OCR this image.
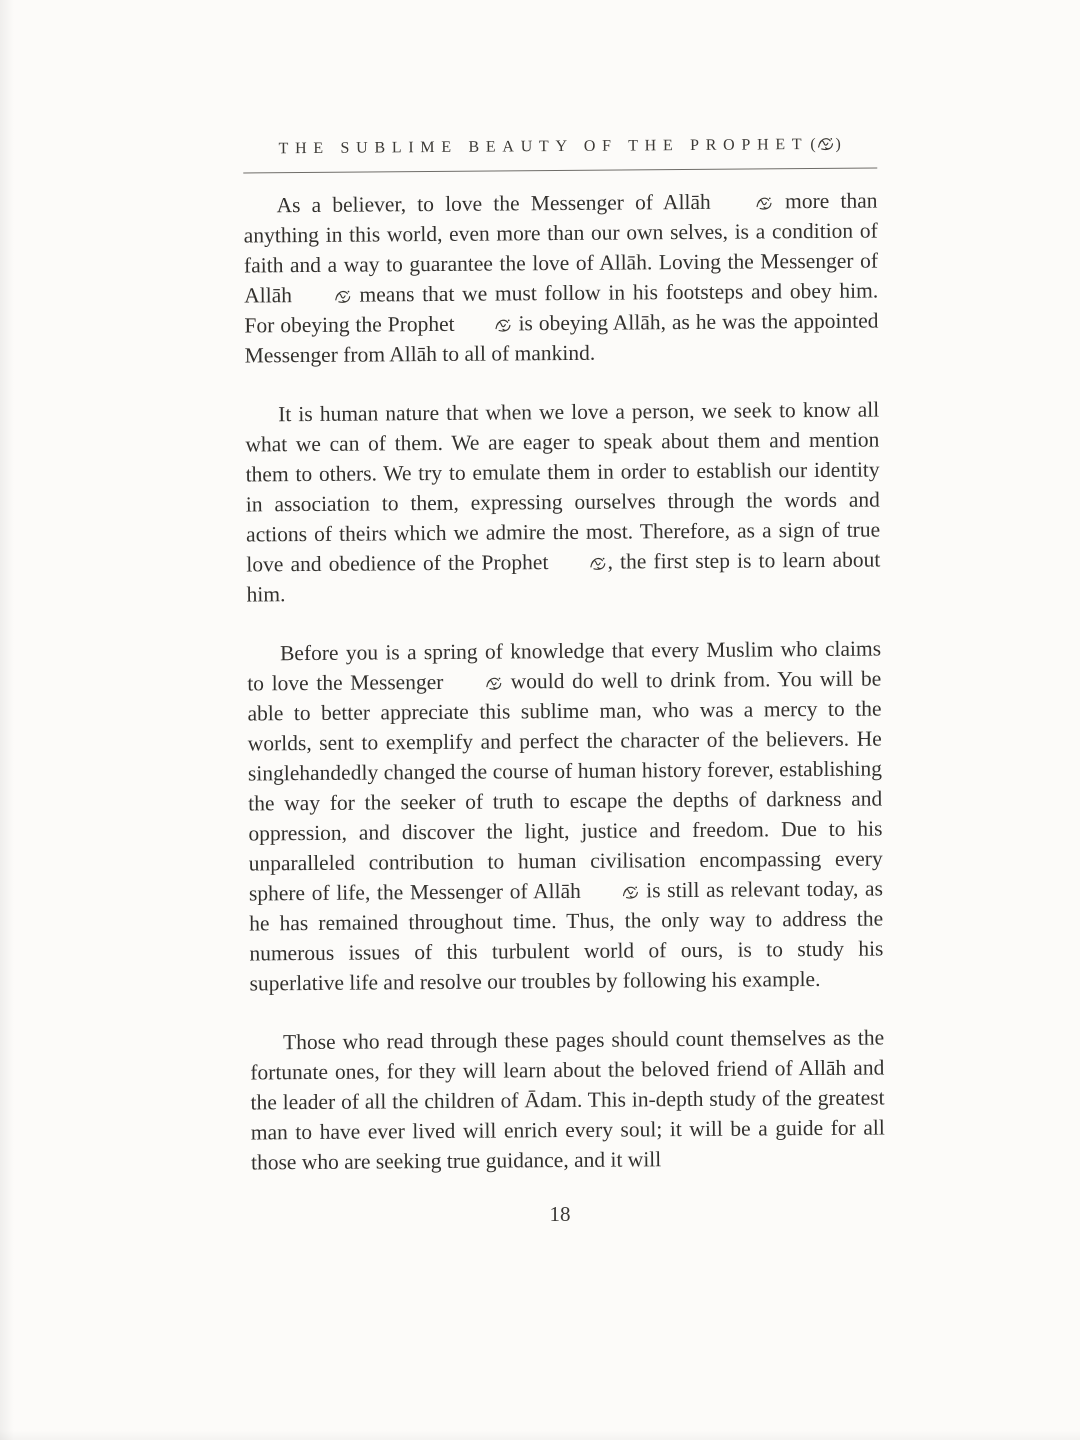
THE SUBLIME BEAUTY OF THE PROPHET ( )

As a believer, to love the Messenger of Allāh  more than anything in this world, even more than our own selves, is a condition of faith and a way to guarantee the love of Allāh. Loving the Messenger of Allāh  means that we must follow in his footsteps and obey him. For obeying the Prophet  is obeying Allāh, as he was the appointed Messenger from Allāh to all of mankind.

It is human nature that when we love a person, we seek to know all what we can of them. We are eager to speak about them and mention them to others. We try to emulate them in order to establish our identity in association to them, expressing ourselves through the words and actions of theirs which we admire the most. Therefore, as a sign of true love and obedience of the Prophet , the first step is to learn about him.

Before you is a spring of knowledge that every Muslim who claims to love the Messenger  would do well to drink from. You will be able to better appreciate this sublime man, who was a mercy to the worlds, sent to exemplify and perfect the character of the believers. He singlehandedly changed the course of human history forever, establishing the way for the seeker of truth to escape the depths of darkness and oppression, and discover the light, justice and freedom. Due to his unparalleled contribution to human civilisation encompassing every sphere of life, the Messenger of Allāh  is still as relevant today, as he has remained throughout time. Thus, the only way to address the numerous issues of this turbulent world of ours, is to study his superlative life and resolve our troubles by following his example.

Those who read through these pages should count themselves as the fortunate ones, for they will learn about the beloved friend of Allāh and the leader of all the children of Ādam. This in-depth study of the greatest man to have ever lived will enrich every soul; it will be a guide for all those who are seeking true guidance, and it will

18
